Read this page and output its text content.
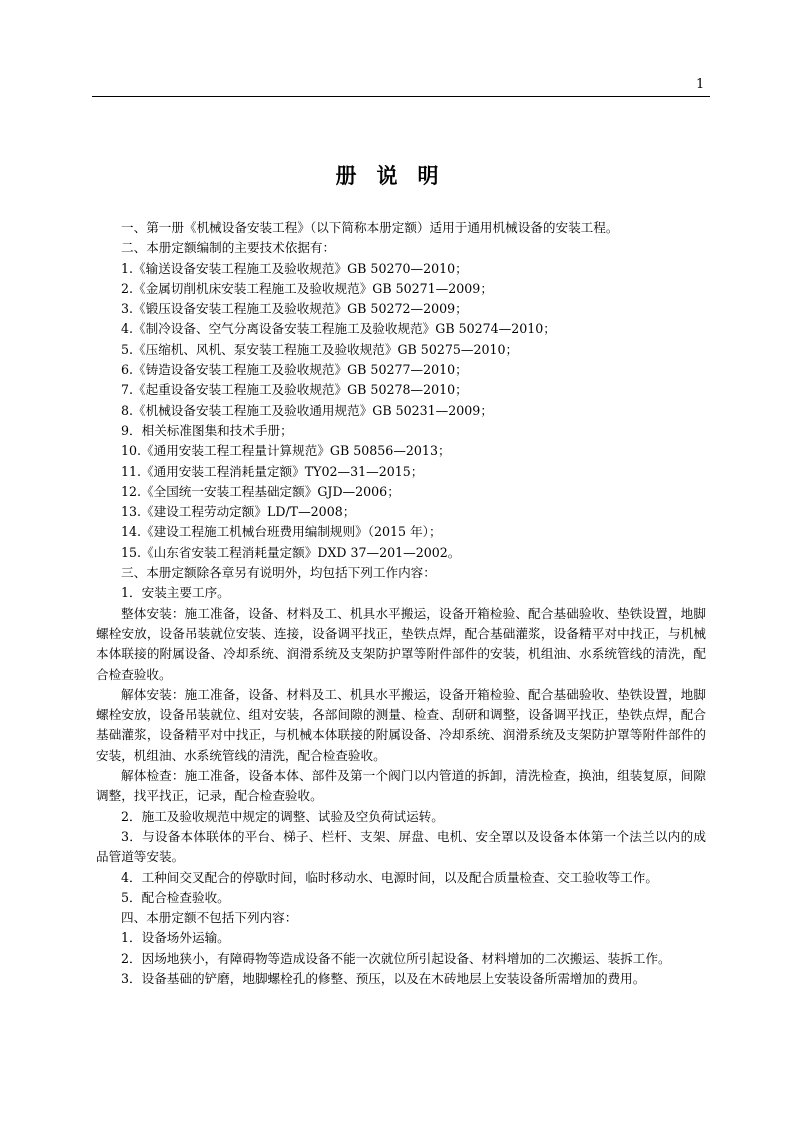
1
册说明

一、第一册《机械设备安装工程》（以下简称本册定额）适用于通用机械设备的安装工程。

二、本册定额编制的主要技术依据有：

1.《输送设备安装工程施工及验收规范》GB 50270—2010；

2.《金属切削机床安装工程施工及验收规范》GB 50271—2009；

3.《锻压设备安装工程施工及验收规范》GB 50272—2009；

4.《制冷设备、空气分离设备安装工程施工及验收规范》GB 50274—2010；

5.《压缩机、风机、泵安装工程施工及验收规范》GB 50275—2010；

6.《铸造设备安装工程施工及验收规范》GB 50277—2010；

7.《起重设备安装工程施工及验收规范》GB 50278—2010；

8.《机械设备安装工程施工及验收通用规范》GB 50231—2009；

9．相关标准图集和技术手册；

10.《通用安装工程工程量计算规范》GB 50856—2013；

11.《通用安装工程消耗量定额》TY02—31—2015；

12.《全国统一安装工程基础定额》GJD—2006；

13.《建设工程劳动定额》LD/T—2008；

14.《建设工程施工机械台班费用编制规则》（2015 年）；

15.《山东省安装工程消耗量定额》DXD 37—201—2002。

三、本册定额除各章另有说明外，均包括下列工作内容：

1．安装主要工序。

整体安装：施工准备，设备、材料及工、机具水平搬运，设备开箱检验、配合基础验收、垫铁设置，地脚螺栓安放，设备吊装就位安装、连接，设备调平找正，垫铁点焊，配合基础灌浆，设备精平对中找正，与机械本体联接的附属设备、冷却系统、润滑系统及支架防护罩等附件部件的安装，机组油、水系统管线的清洗，配合检查验收。

解体安装：施工准备，设备、材料及工、机具水平搬运，设备开箱检验、配合基础验收、垫铁设置，地脚螺栓安放，设备吊装就位、组对安装，各部间隙的测量、检查、刮研和调整，设备调平找正，垫铁点焊，配合基础灌浆，设备精平对中找正，与机械本体联接的附属设备、冷却系统、润滑系统及支架防护罩等附件部件的安装，机组油、水系统管线的清洗，配合检查验收。

解体检查：施工准备，设备本体、部件及第一个阀门以内管道的拆卸，清洗检查，换油，组装复原，间隙调整，找平找正，记录，配合检查验收。

2．施工及验收规范中规定的调整、试验及空负荷试运转。

3．与设备本体联体的平台、梯子、栏杆、支架、屏盘、电机、安全罩以及设备本体第一个法兰以内的成品管道等安装。

4．工种间交叉配合的停歇时间，临时移动水、电源时间，以及配合质量检查、交工验收等工作。

5．配合检查验收。

四、本册定额不包括下列内容：

1．设备场外运输。

2．因场地狭小，有障碍物等造成设备不能一次就位所引起设备、材料增加的二次搬运、装拆工作。

3．设备基础的铲磨，地脚螺栓孔的修整、预压，以及在木砖地层上安装设备所需增加的费用。
